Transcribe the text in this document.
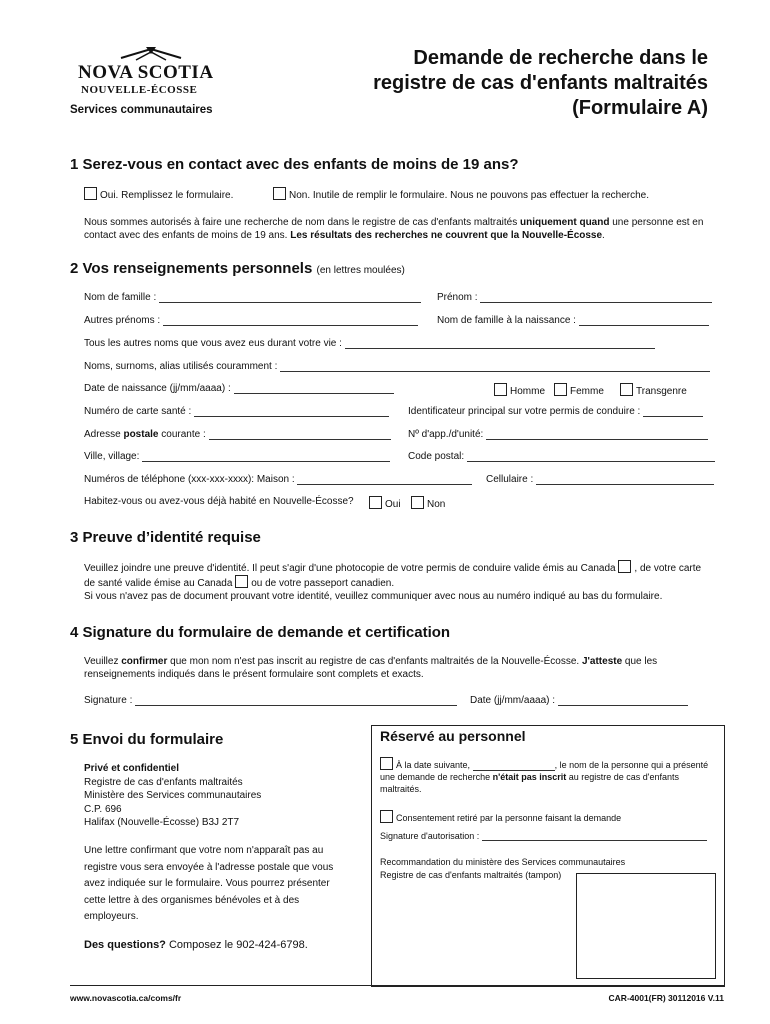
NOVA SCOTIA
NOUVELLE-ÉCOSSE
Services communautaires
Demande de recherche dans le
registre de cas d'enfants maltraités
(Formulaire A)
1 Serez-vous en contact avec des enfants de moins de 19 ans?
Oui. Remplissez le formulaire.	Non. Inutile de remplir le formulaire. Nous ne pouvons pas effectuer la recherche.
Nous sommes autorisés à faire une recherche de nom dans le registre de cas d'enfants maltraités uniquement quand une personne est en contact avec des enfants de moins de 19 ans. Les résultats des recherches ne couvrent que la Nouvelle-Écosse.
2 Vos renseignements personnels (en lettres moulées)
Nom de famille :	Prénom :
Autres prénoms :	Nom de famille à la naissance :
Tous les autres noms que vous avez eus durant votre vie :
Noms, surnoms, alias utilisés couramment :
Date de naissance (jj/mm/aaaa) :	Homme	Femme	Transgenre
Numéro de carte santé :	Identificateur principal sur votre permis de conduire :
Adresse postale courante :	Nº d'app./d'unité:
Ville, village:	Code postal:
Numéros de téléphone (xxx-xxx-xxxx): Maison :	Cellulaire :
Habitez-vous ou avez-vous déjà habité en Nouvelle-Écosse?	Oui	Non
3 Preuve d’identité requise
Veuillez joindre une preuve d'identité. Il peut s'agir d'une photocopie de votre permis de conduire valide émis au Canada , de votre carte
de santé valide émise au Canada ou de votre passeport canadien.
Si vous n'avez pas de document prouvant votre identité, veuillez communiquer avec nous au numéro indiqué au bas du formulaire.
4 Signature du formulaire de demande et certification
Veuillez confirmer que mon nom n'est pas inscrit au registre de cas d'enfants maltraités de la Nouvelle-Écosse. J'atteste que les
renseignements indiqués dans le présent formulaire sont complets et exacts.
Signature :	Date (jj/mm/aaaa) :
5 Envoi du formulaire
Privé et confidentiel
Registre de cas d'enfants maltraités
Ministère des Services communautaires
C.P. 696
Halifax (Nouvelle-Écosse) B3J 2T7
Une lettre confirmant que votre nom n'apparaît pas au registre vous sera envoyée à l'adresse postale que vous avez indiquée sur le formulaire. Vous pourrez présenter cette lettre à des organismes bénévoles et à des employeurs.
Des questions? Composez le 902-424-6798.
Réservé au personnel
À la date suivante,	, le nom de la personne qui a présenté une demande de recherche n'était pas inscrit au registre de cas d'enfants maltraités.
Consentement retiré par la personne faisant la demande
Signature d'autorisation :
Recommandation du ministère des Services communautaires
Registre de cas d'enfants maltraités (tampon)
www.novascotia.ca/coms/fr	CAR-4001(FR) 30112016 V.11
